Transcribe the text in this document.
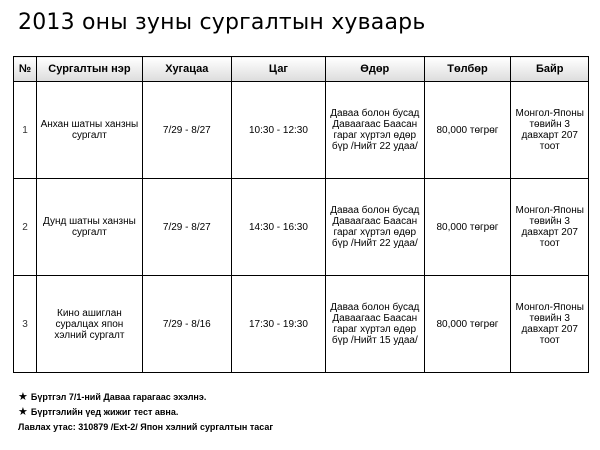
2013 оны зуны сургалтын хуваарь
№	Сургалтын нэр	Хугацаа	Цаг	Өдөр	Төлбөр	Байр
1	Анхан шатны ханзны сургалт	7/29 - 8/27	10:30 - 12:30	Даваа болон бусад Даваагаас Баасан гараг хүртэл өдөр бүр /Нийт 22 удаа/	80,000 төгрөг	Монгол-Японы төвийн 3 давхарт 207 тоот
2	Дунд шатны ханзны сургалт	7/29 - 8/27	14:30 - 16:30	Даваа болон бусад Даваагаас Баасан гараг хүртэл өдөр бүр /Нийт 22 удаа/	80,000 төгрөг	Монгол-Японы төвийн 3 давхарт 207 тоот
3	Кино ашиглан суралцах япон хэлний сургалт	7/29 - 8/16	17:30 - 19:30	Даваа болон бусад Даваагаас Баасан гараг хүртэл өдөр бүр /Нийт 15 удаа/	80,000 төгрөг	Монгол-Японы төвийн 3 давхарт 207 тоот
★ Бүртгэл 7/1-ний Даваа гарагаас эхэлнэ.
★ Бүртгэлийн үед жижиг тест авна.
Лавлах утас: 310879 /Ext-2/ Япон хэлний сургалтын тасаг
